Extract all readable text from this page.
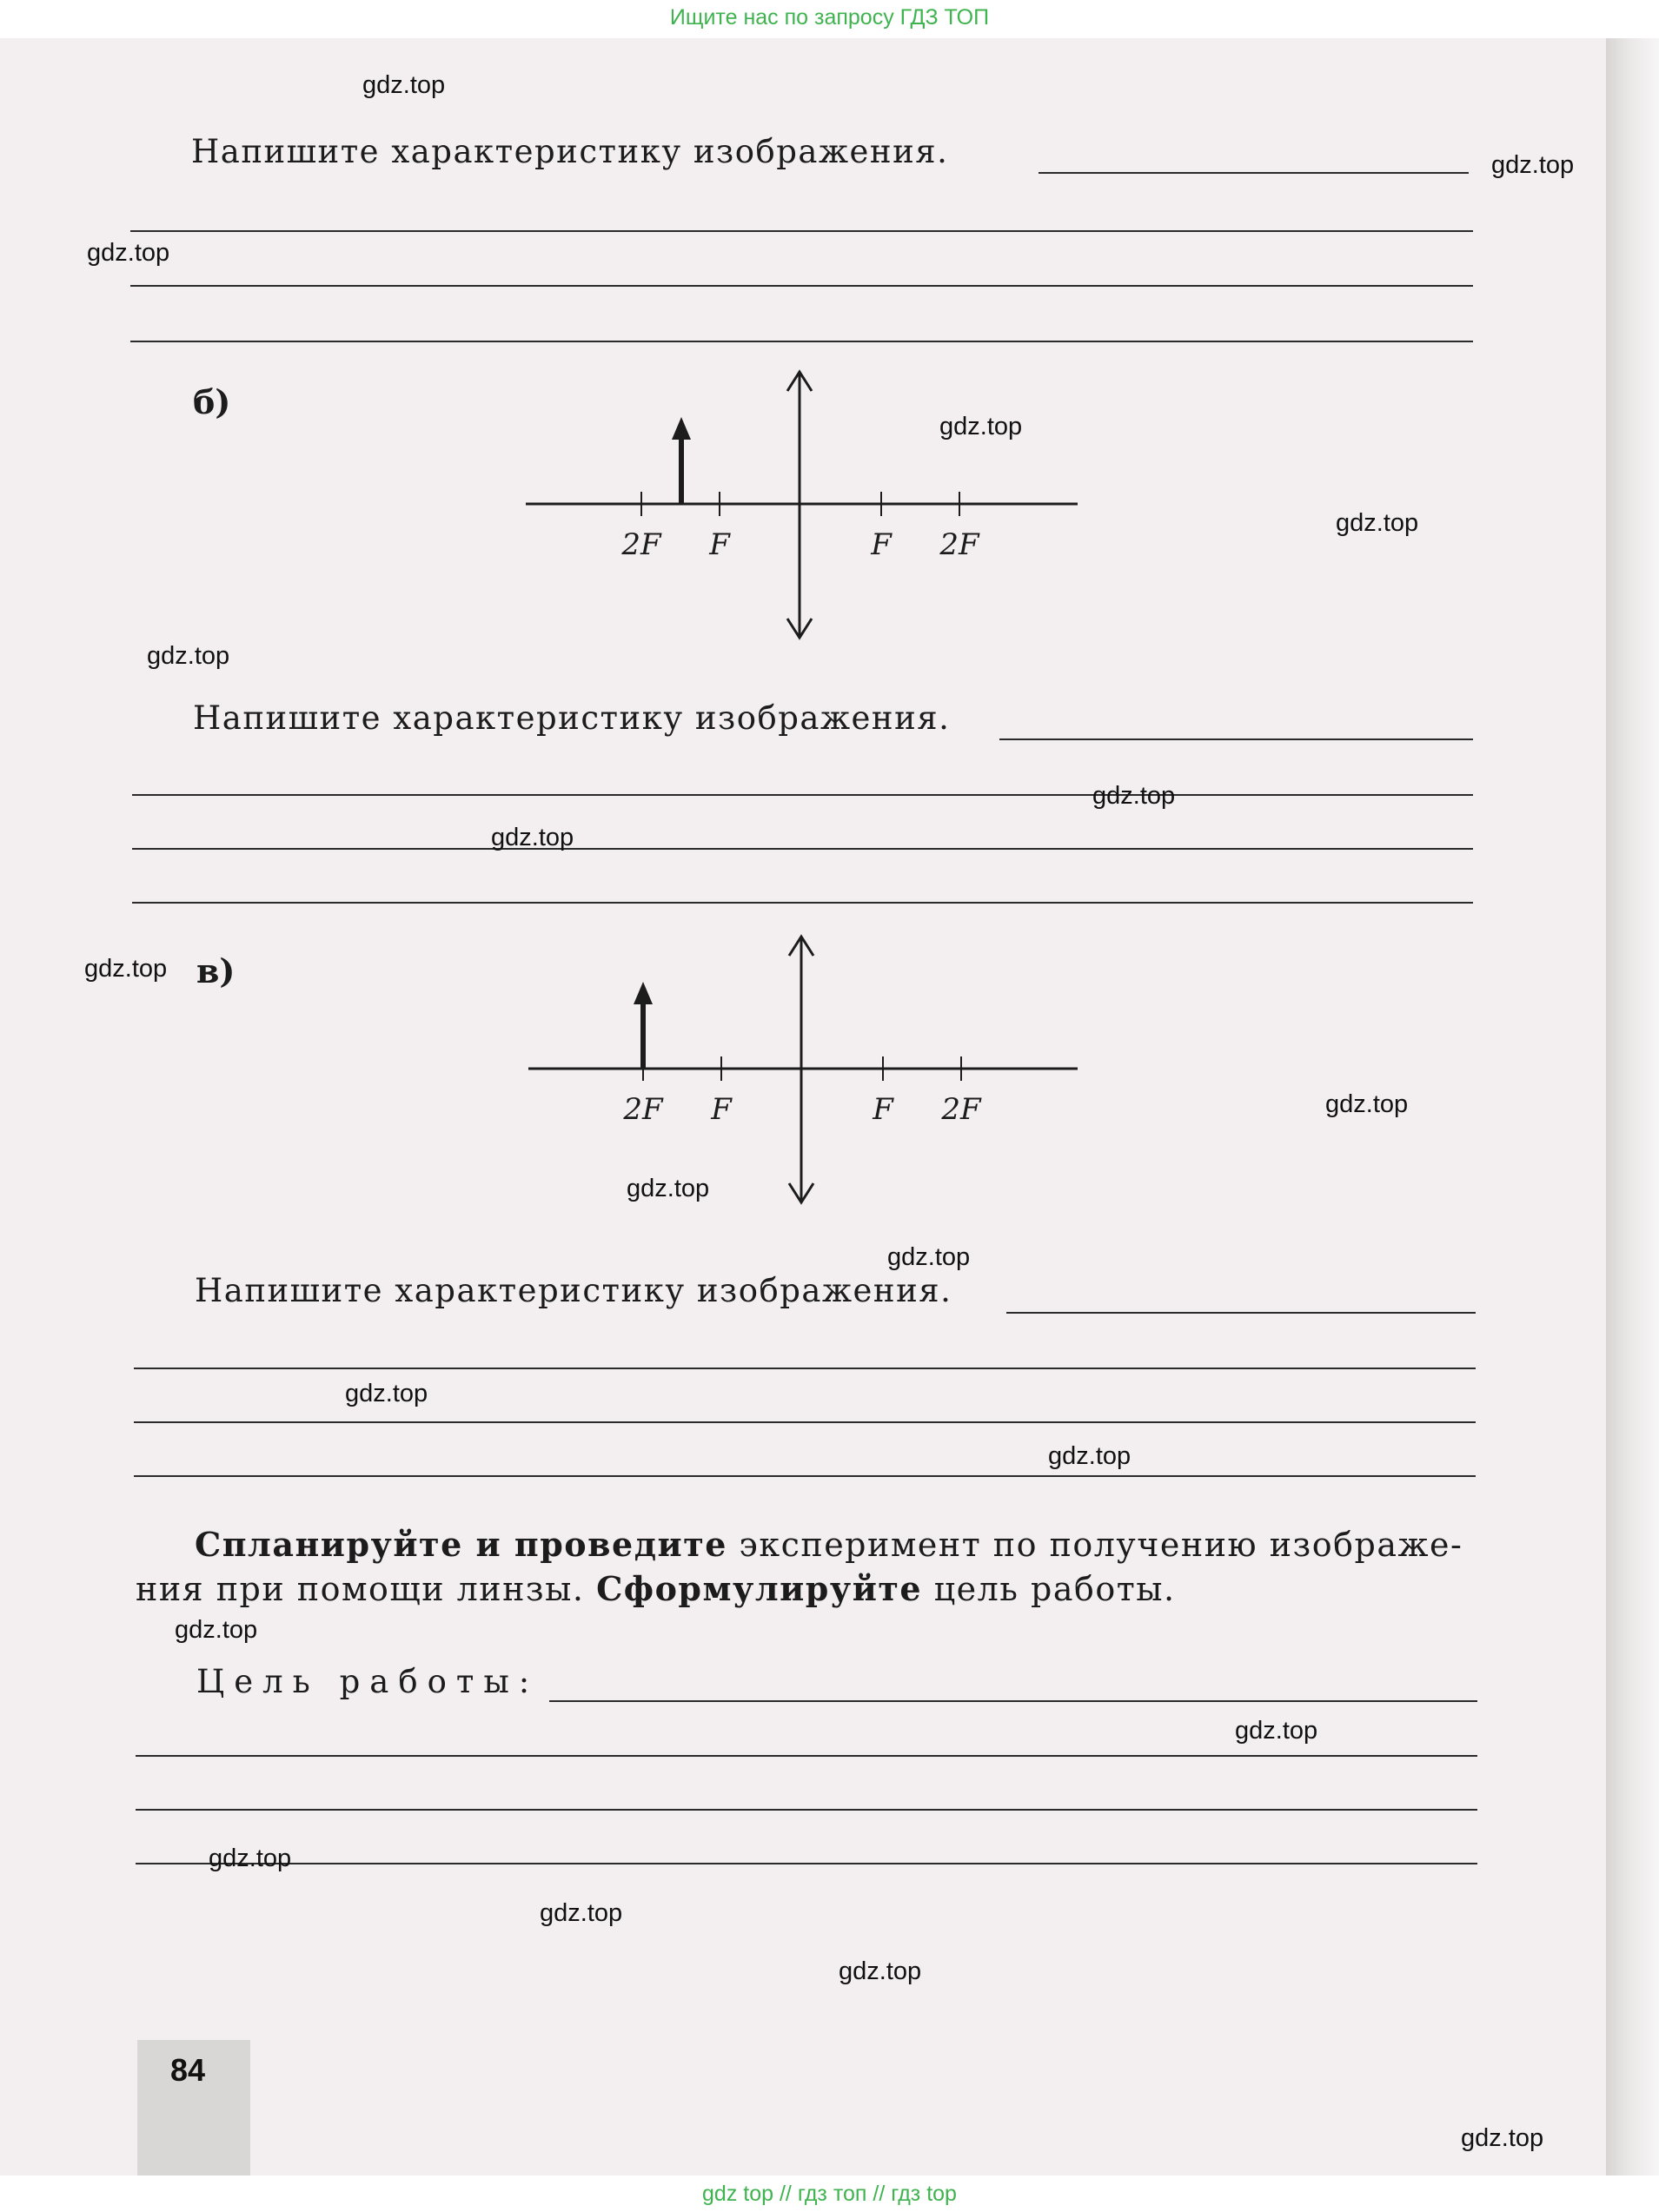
Ищите нас по запросу ГДЗ ТОП
Напишите характеристику изображения.
б)
2F F	F 2F
Напишите характеристику изображения.
в)
2F F	F 2F
Напишите характеристику изображения.
Спланируйте и проведите эксперимент по получению изображе-
ния при помощи линзы. Сформулируйте цель работы.
Цель работы:
84
gdz.top
gdz.top
gdz.top
gdz.top
gdz.top
gdz.top
gdz.top
gdz.top
gdz.top
gdz.top
gdz.top
gdz.top
gdz.top
gdz.top
gdz.top
gdz.top
gdz.top
gdz.top
gdz.top
gdz.top
gdz top // гдз топ // гдз top
